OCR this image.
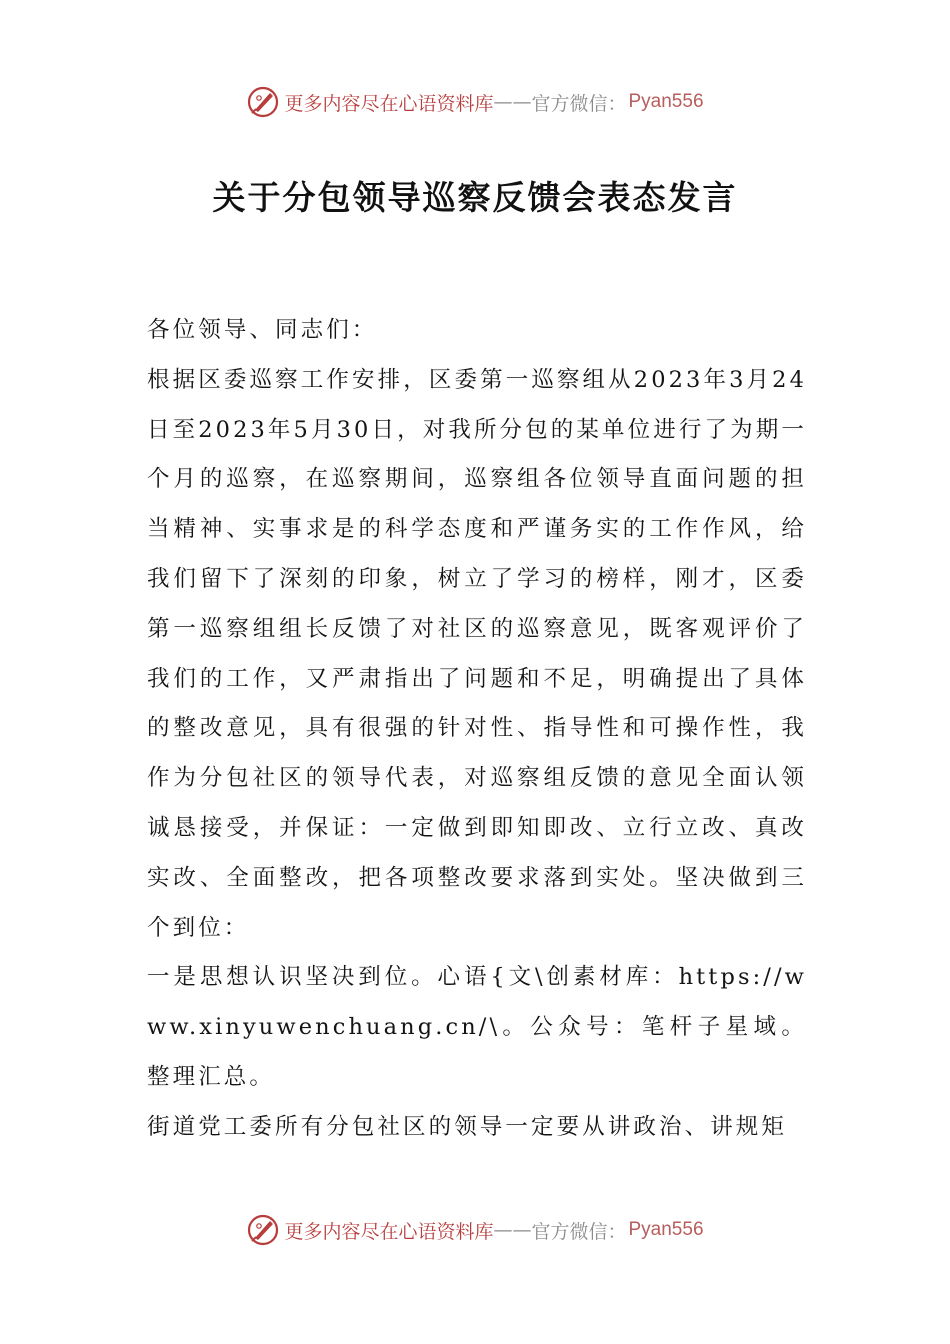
更多内容尽在心语资料库 —— 官方微信： Pyan556
关于分包领导巡察反馈会表态发言

各位领导、同志们：

根据区委巡察工作安排，区委第一巡察组从2023年3月24日至2023年5月30日，对我所分包的某单位进行了为期一个月的巡察，在巡察期间，巡察组各位领导直面问题的担当精神、实事求是的科学态度和严谨务实的工作作风，给我们留下了深刻的印象，树立了学习的榜样，刚才，区委第一巡察组组长反馈了对社区的巡察意见，既客观评价了我们的工作，又严肃指出了问题和不足，明确提出了具体的整改意见，具有很强的针对性、指导性和可操作性，我作为分包社区的领导代表，对巡察组反馈的意见全面认领诚恳接受，并保证：一定做到即知即改、立行立改、真改实改、全面整改，把各项整改要求落到实处。坚决做到三个到位：

一是思想认识坚决到位。心语{文\创素材库：https://www.xinyuwenchuang.cn/\。公众号：笔杆子星域。整理汇总。

街道党工委所有分包社区的领导一定要从讲政治、讲规矩

更多内容尽在心语资料库 —— 官方微信： Pyan556
